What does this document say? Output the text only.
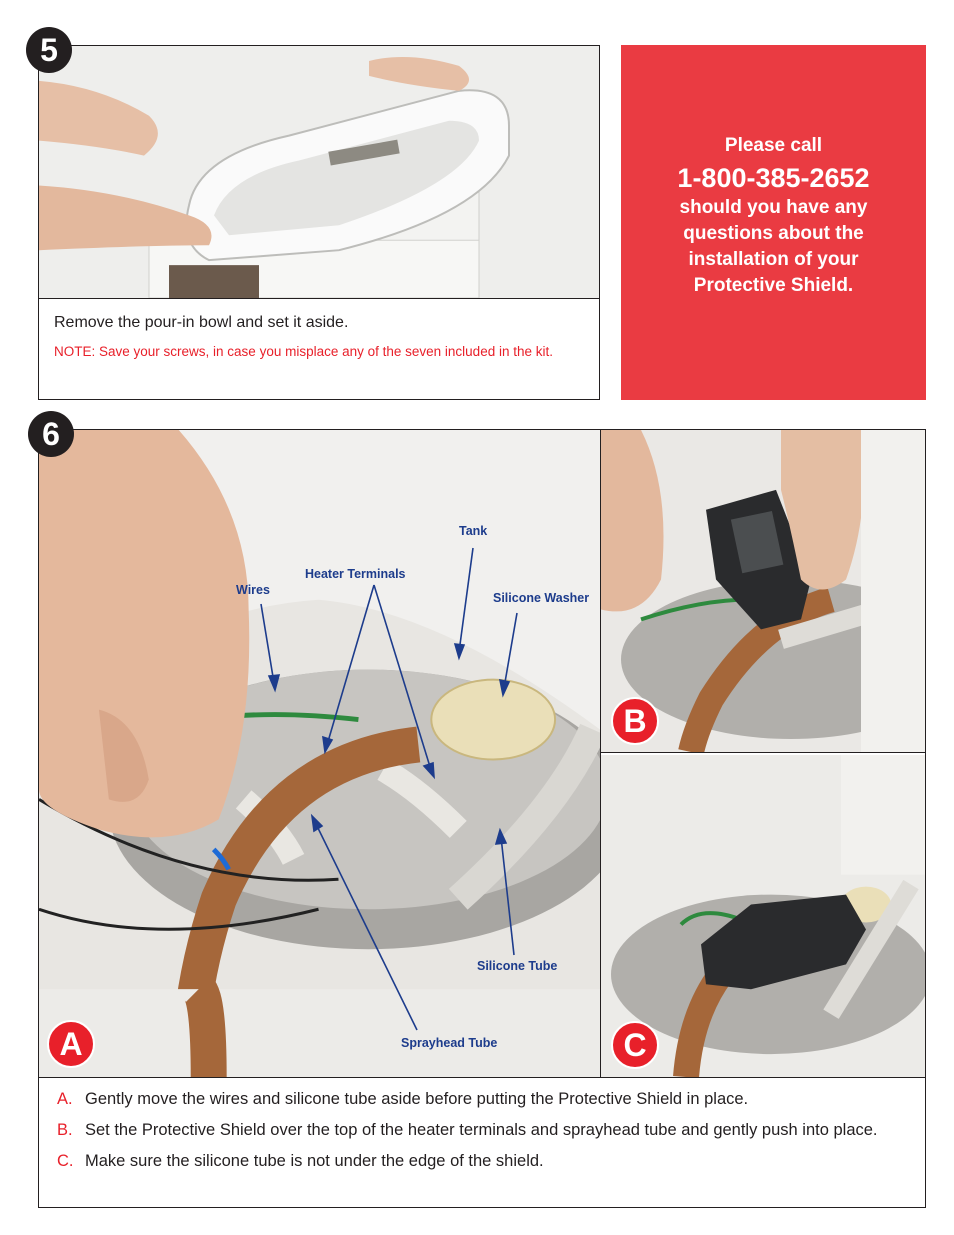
5
Remove the pour-in bowl and set it aside.
NOTE: Save your screws, in case you misplace any of the seven included in the kit.
Please call
1-800-385-2652
should you have any questions about the installation of your Protective Shield.
6
Tank
Heater Terminals
Wires
Silicone Washer
Silicone Tube
Sprayhead Tube
A
B
C
A. Gently move the wires and silicone tube aside before putting the Protective Shield in place.
B. Set the Protective Shield over the top of the heater terminals and sprayhead tube and gently push into place.
C. Make sure the silicone tube is not under the edge of the shield.
